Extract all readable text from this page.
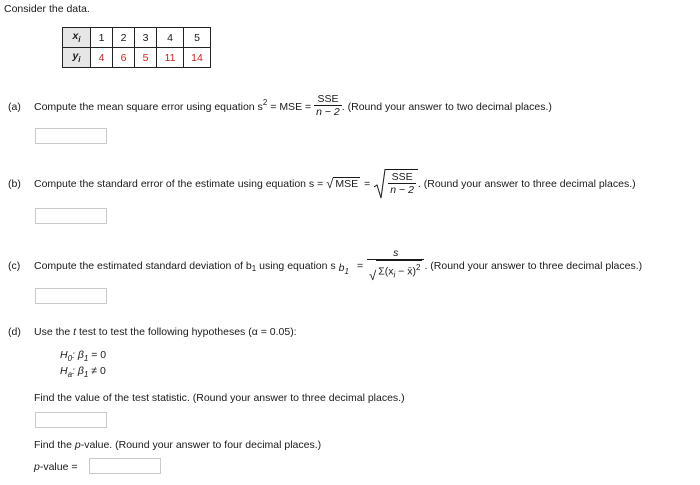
Consider the data.
$x_i$	1	2	3	4	5
$y_i$	4	6	5	11	14
(a)	Compute the mean square error using equation $s^2$ = MSE = $\frac{\text{SSE}}{n - 2}$ . (Round your answer to two decimal places.)
(b)	Compute the standard error of the estimate using equation s = √ MSE = $\frac{\text{SSE}}{n - 2}$ . (Round your answer to three decimal places.)
(c)	Compute the estimated standard deviation of $b_1$ using equation s $b_1 = \frac{s}{√ \Sigma(x_i - x̄)^2}$ . (Round your answer to three decimal places.)
(d)	Use the
t
test to test the following hypotheses (α = 0.05):
$H_0$: $\beta_1 = 0$
$H_a$: $\beta_1 \ne 0$
Find the value of the test statistic. (Round your answer to three decimal places.)
Find the p-value. (Round your answer to four decimal places.)
p-value =
